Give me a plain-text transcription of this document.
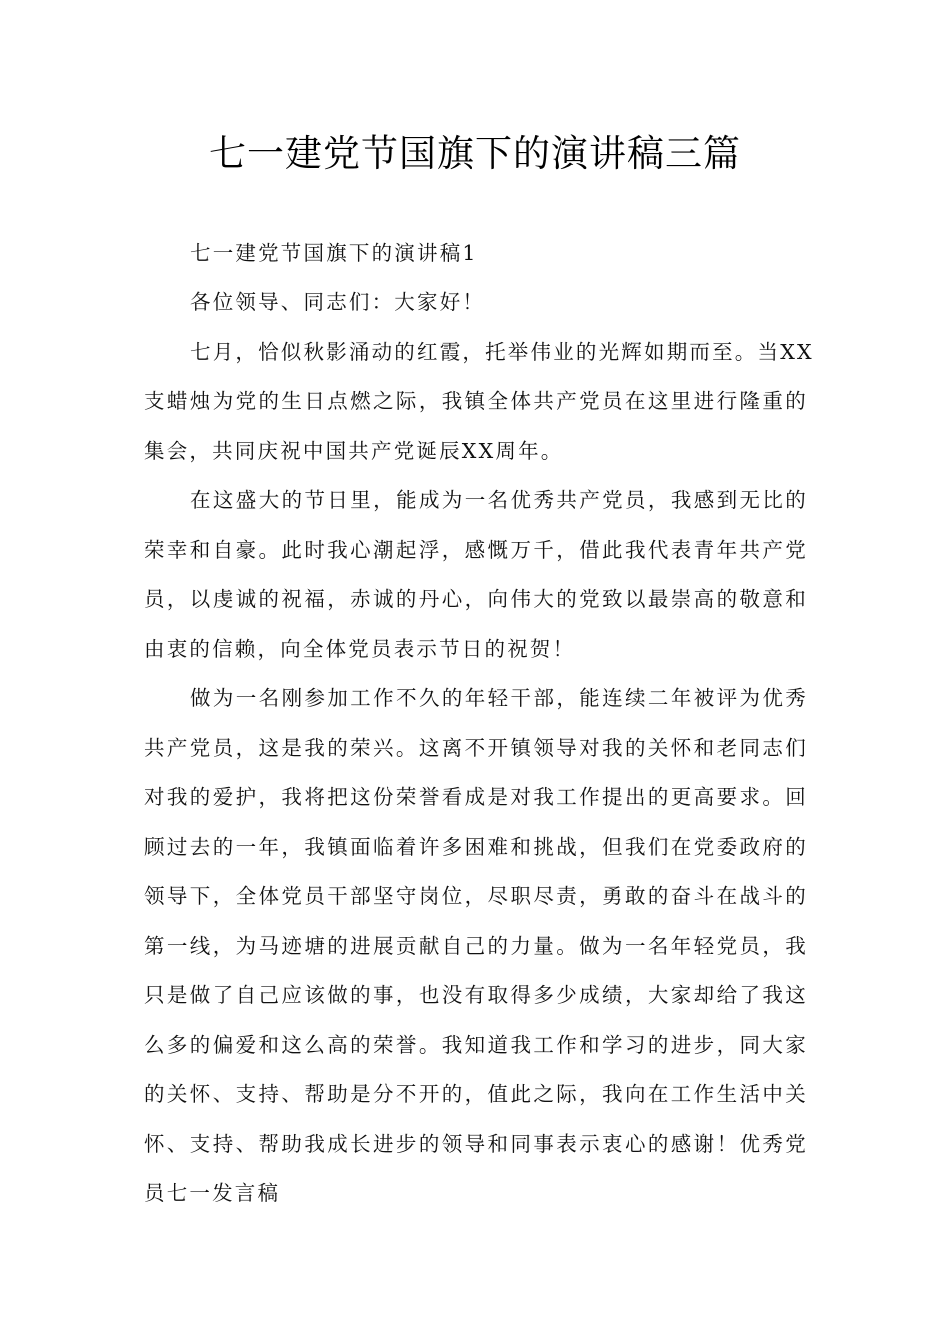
七一建党节国旗下的演讲稿三篇

七一建党节国旗下的演讲稿1

各位领导、同志们：大家好！

七月，恰似秋影涌动的红霞，托举伟业的光辉如期而至。当XX

支蜡烛为党的生日点燃之际，我镇全体共产党员在这里进行隆重的

集会，共同庆祝中国共产党诞辰XX周年。

在这盛大的节日里，能成为一名优秀共产党员，我感到无比的

荣幸和自豪。此时我心潮起浮，感慨万千，借此我代表青年共产党

员，以虔诚的祝福，赤诚的丹心，向伟大的党致以最崇高的敬意和

由衷的信赖，向全体党员表示节日的祝贺！

做为一名刚参加工作不久的年轻干部，能连续二年被评为优秀

共产党员，这是我的荣兴。这离不开镇领导对我的关怀和老同志们

对我的爱护，我将把这份荣誉看成是对我工作提出的更高要求。回

顾过去的一年，我镇面临着许多困难和挑战，但我们在党委政府的

领导下，全体党员干部坚守岗位，尽职尽责，勇敢的奋斗在战斗的

第一线，为马迹塘的进展贡献自己的力量。做为一名年轻党员，我

只是做了自己应该做的事，也没有取得多少成绩，大家却给了我这

么多的偏爱和这么高的荣誉。我知道我工作和学习的进步，同大家

的关怀、支持、帮助是分不开的，值此之际，我向在工作生活中关

怀、支持、帮助我成长进步的领导和同事表示衷心的感谢！优秀党

员七一发言稿
